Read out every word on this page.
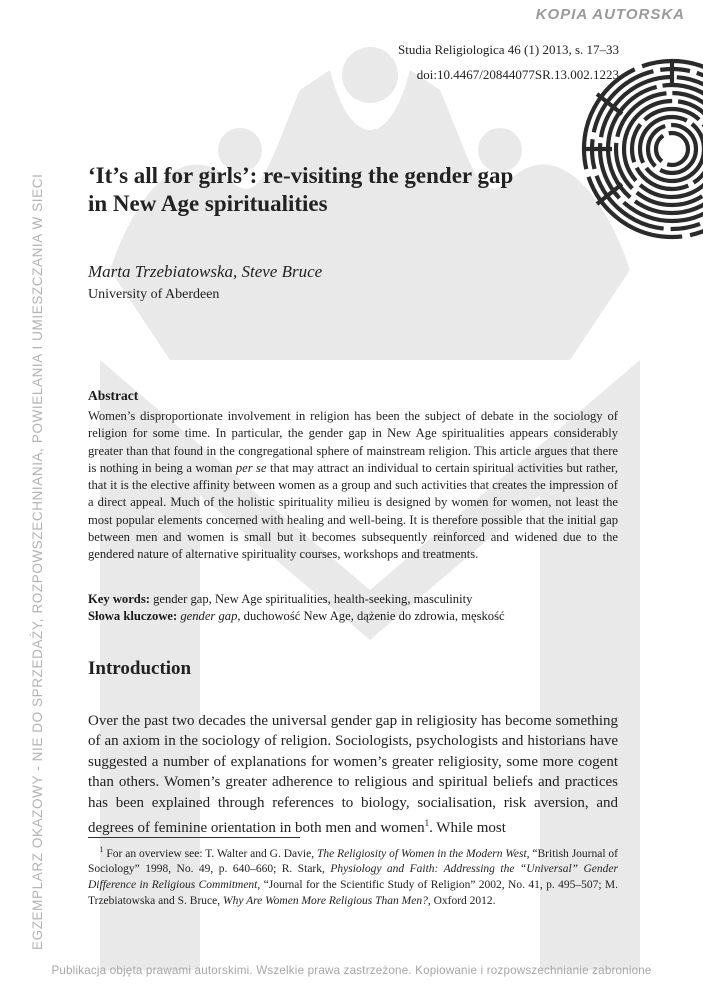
EGZEMPLARZ OKAZOWY - NIE DO SPRZEDAŻY, ROZPOWSZECHNIANIA, POWIELANIA I UMIESZCZANIA W SIECI
KOPIA AUTORSKA
Studia Religiologica 46 (1) 2013, s. 17–33
doi:10.4467/20844077SR.13.002.1223
‘It’s all for girls’: re-visiting the gender gap
in New Age spiritualities
Marta Trzebiatowska, Steve Bruce
University of Aberdeen
Abstract
Women’s disproportionate involvement in religion has been the subject of debate in the sociology of religion for some time. In particular, the gender gap in New Age spiritualities appears considerably greater than that found in the congregational sphere of mainstream religion. This article argues that there is nothing in being a woman per se that may attract an individual to certain spiritual activities but rather, that it is the elective affinity between women as a group and such activities that creates the impression of a direct appeal. Much of the holistic spirituality milieu is designed by women for women, not least the most popular elements concerned with healing and well-being. It is therefore possible that the initial gap between men and women is small but it becomes subsequently reinforced and widened due to the gendered nature of alternative spirituality courses, workshops and treatments.
Key words: gender gap, New Age spiritualities, health-seeking, masculinity
Słowa kluczowe: gender gap, duchowość New Age, dążenie do zdrowia, męskość
Introduction
Over the past two decades the universal gender gap in religiosity has become something of an axiom in the sociology of religion. Sociologists, psychologists and historians have suggested a number of explanations for women’s greater religiosity, some more cogent than others. Women’s greater adherence to religious and spiritual beliefs and practices has been explained through references to biology, socialisation, risk aversion, and degrees of feminine orientation in both men and women$^1$. While most
$^1$ For an overview see: T. Walter and G. Davie, The Religiosity of Women in the Modern West, “British Journal of Sociology” 1998, No. 49, p. 640–660; R. Stark, Physiology and Faith: Addressing the “Universal” Gender Difference in Religious Commitment, “Journal for the Scientific Study of Religion” 2002, No. 41, p. 495–507; M. Trzebiatowska and S. Bruce, Why Are Women More Religious Than Men?, Oxford 2012.
Publikacja objęta prawami autorskimi. Wszelkie prawa zastrzeżone. Kopiowanie i rozpowszechnianie zabronione
